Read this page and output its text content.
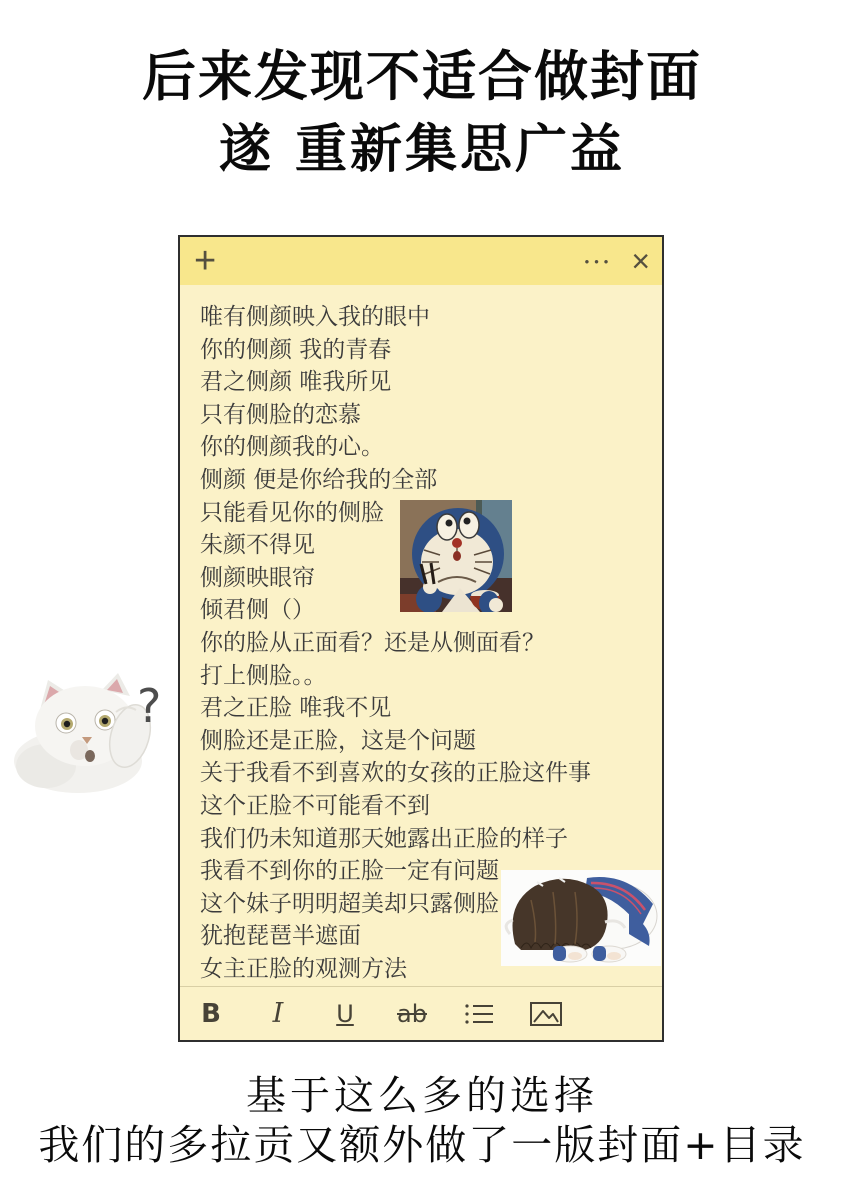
后来发现不适合做封面
遂 重新集思广益
+	••• ×
唯有侧颜映入我的眼中
你的侧颜 我的青春
君之侧颜 唯我所见
只有侧脸的恋慕
你的侧颜我的心。
侧颜 便是你给我的全部
只能看见你的侧脸
朱颜不得见
侧颜映眼帘
倾君侧（）
你的脸从正面看？还是从侧面看？
打上侧脸。。
君之正脸 唯我不见
侧脸还是正脸，这是个问题
关于我看不到喜欢的女孩的正脸这件事
这个正脸不可能看不到
我们仍未知道那天她露出正脸的样子
我看不到你的正脸一定有问题
这个妹子明明超美却只露侧脸
犹抱琵琶半遮面
女主正脸的观测方法
B I U ab
?
基于这么多的选择
我们的多拉贡又额外做了一版封面+目录
